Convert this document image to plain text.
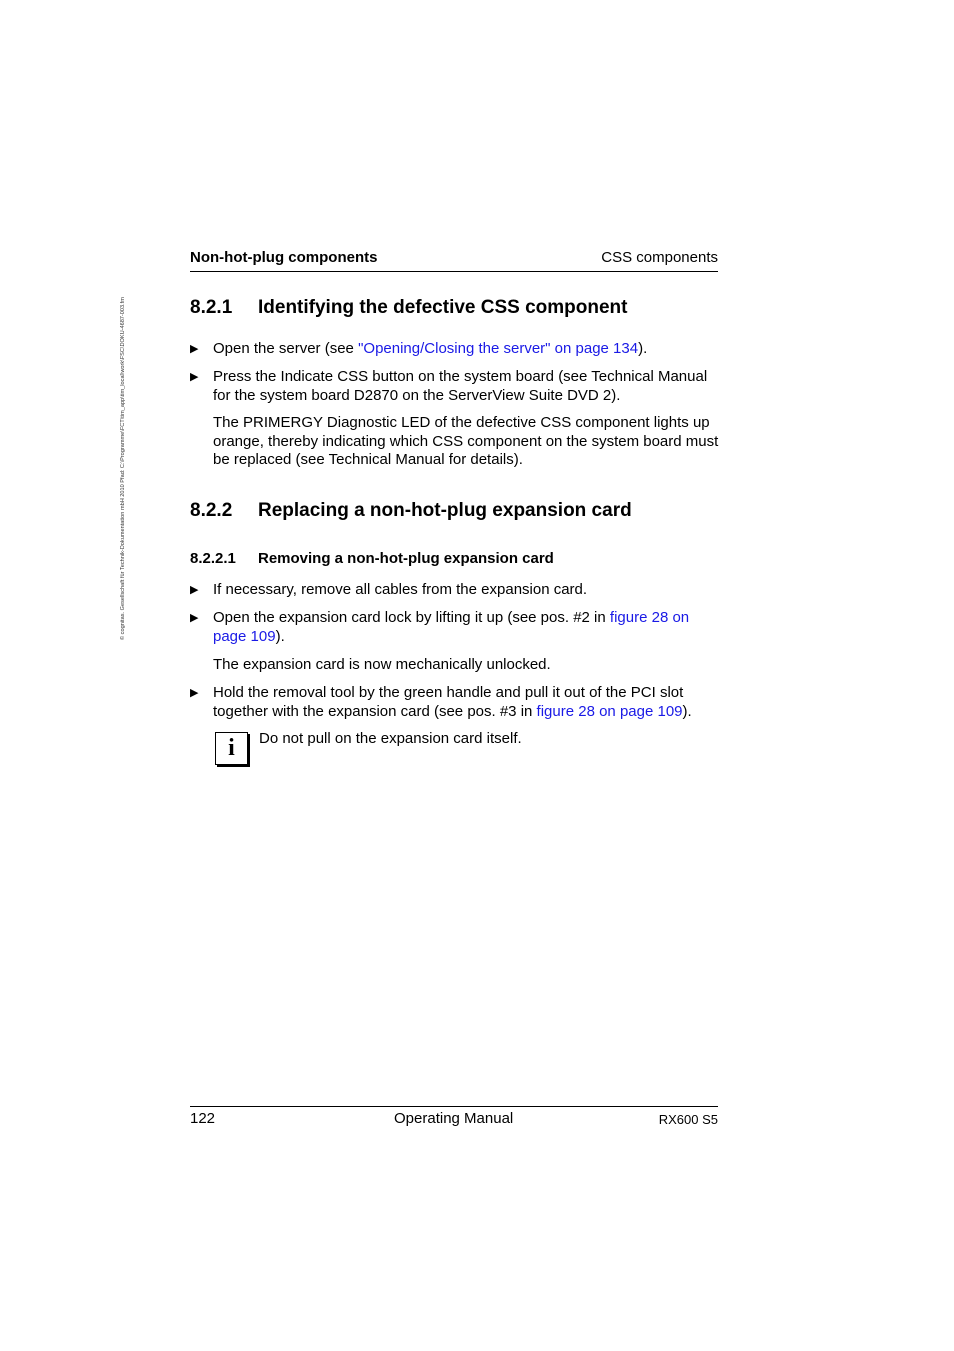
© cognitas. Gesellschaft für Technik-Dokumentation mbH 2010 Pfad: C:\Programme\FCT\tim_app\tim_local\work\FSC\DOKU-4687-003.fm
Non-hot-plug components	CSS components
8.2.1 Identifying the defective CSS component
▶ Open the server (see "Opening/Closing the server" on page 134).
▶ Press the Indicate CSS button on the system board (see Technical Manual for the system board D2870 on the ServerView Suite DVD 2).
The PRIMERGY Diagnostic LED of the defective CSS component lights up orange, thereby indicating which CSS component on the system board must be replaced (see Technical Manual for details).
8.2.2 Replacing a non-hot-plug expansion card
8.2.2.1 Removing a non-hot-plug expansion card
▶ If necessary, remove all cables from the expansion card.
▶ Open the expansion card lock by lifting it up (see pos. #2 in figure 28 on page 109).
The expansion card is now mechanically unlocked.
▶ Hold the removal tool by the green handle and pull it out of the PCI slot together with the expansion card (see pos. #3 in figure 28 on page 109).
i	Do not pull on the expansion card itself.
122	Operating Manual	RX600 S5
